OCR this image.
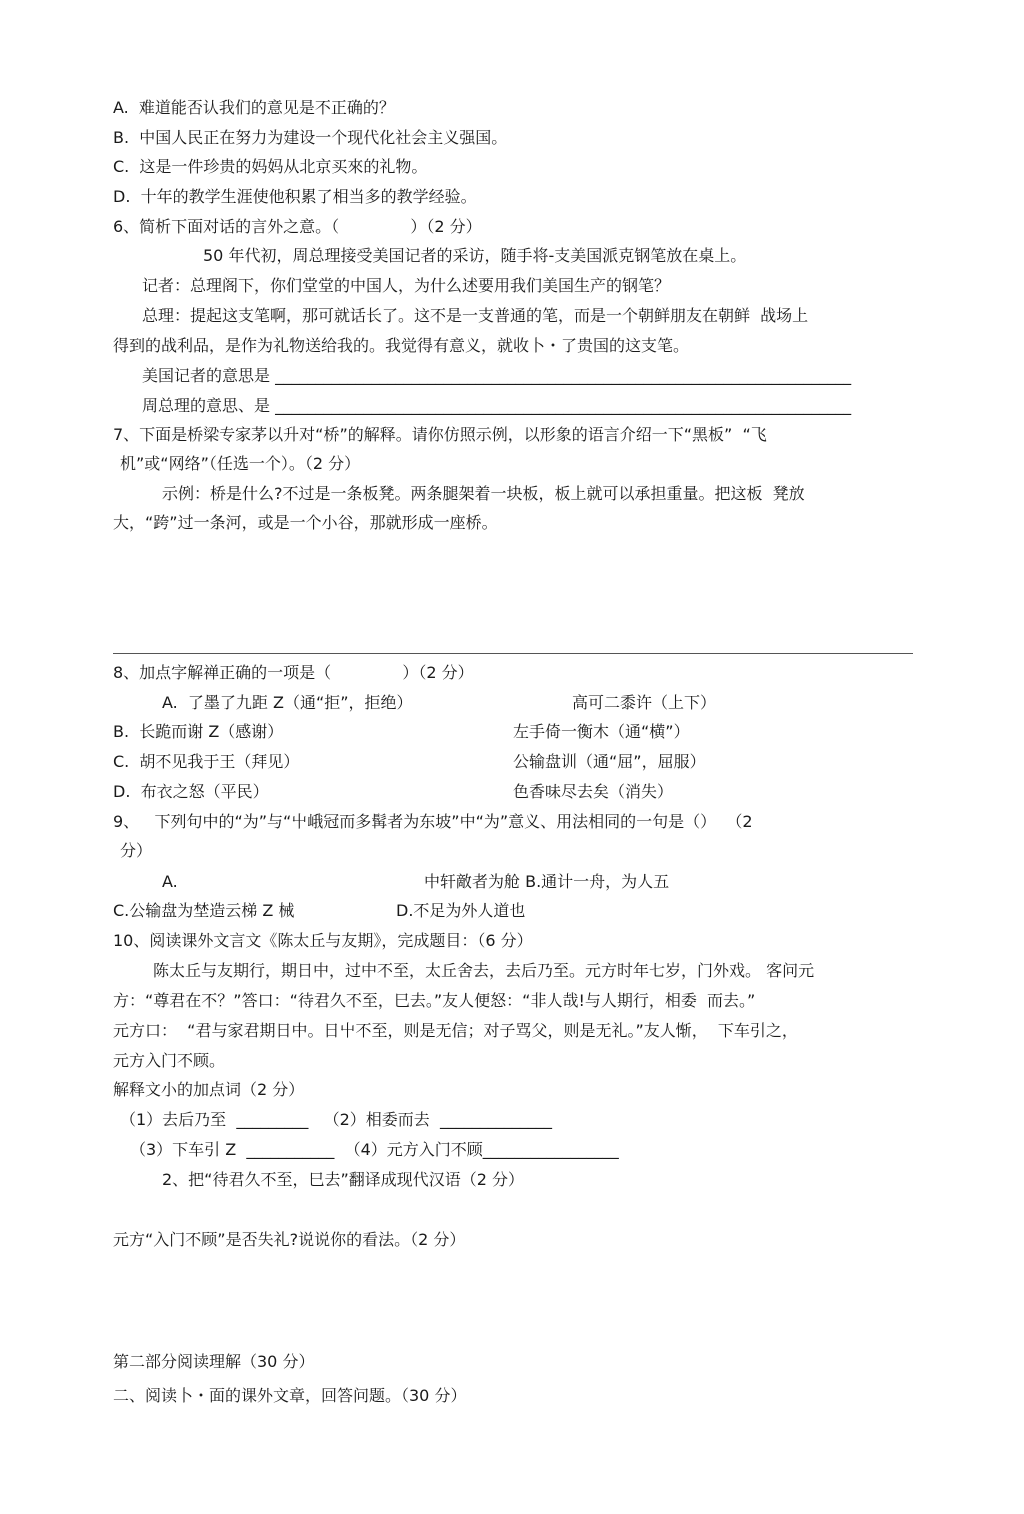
A.  难道能否认我们的意见是不正确的？
B.  中国人民正在努力为建设一个现代化社会主义强国。
C.  这是一件珍贵的妈妈从北京买來的礼物。
D.  十年的教学生涯使他积累了相当多的教学经验。
6、简析下面对话的言外之意。（              ）（2 分）
50 年代初，周总理接受美国记者的采访，随手将-支美国派克钢笔放在桌上。
记者：总理阁下，你们堂堂的中国人，为什么述要用我们美国生产的钢笔？
总理：提起这支笔啊，那可就话长了。这不是一支普通的笔，而是一个朝鲜朋友在朝鲜  战场上
得到的战利品，是作为礼物送给我的。我觉得有意义，就收卜・了贵国的这支笔。
美国记者的意思是 ________________________________________________________________________
周总理的意思、是 ________________________________________________________________________
7、下面是桥梁专家茅以升对“桥”的解释。请你仿照示例，以形象的语言介绍一下“黑板”  “飞
机”或“网络”（任选一个）。（2 分）
示例：桥是什么?不过是一条板凳。两条腿架着一块板，板上就可以承担重量。把这板  凳放
大，“跨”过一条河，或是一个小谷，那就形成一座桥。
8、加点字解禅正确的一项是（              ）（2 分）
A.  了墨了九距 Z（通“拒”，拒绝）	高可二黍许（上下）
B.  长跪而谢 Z（感谢）	左手倚一衡木（通“横”）
C.  胡不见我于王（拜见）	公输盘训（通“屈”，屈服）
D.  布衣之怒（平民）	色香味尽去矣（消失）
9、   下列句中的“为”与“屮峨冠而多髯者为东坡”中“为”意义、用法相同的一句是（）  （2
分）
A.	中轩敵者为舱 B.通计一舟，为人五
C.公输盘为埜造云梯 Z 械	D.不足为外人道也
10、阅读课外文言文《陈太丘与友期》，完成题目：（6 分）
陈太丘与友期行，期日中，过中不至，太丘舍去，去后乃至。元方时年七岁，门外戏。 客问元
方：“尊君在不？”答口：“待君久不至，巳去。”友人便怒：“非人哉!与人期行，相委  而去。”
元方口：  “君与家君期日中。日屮不至，则是无信；对子骂父，则是无礼。”友人惭，  下车引之，
元方入门不顾。
解释文小的加点词（2 分）
（1）去后乃至  _________   （2）相委而去  ______________
（3）下车引 Z  ___________  （4）元方入门不顾_________________
2、把“待君久不至，巳去”翻译成现代汉语（2 分）
元方“入门不顾”是否失礼?说说你的看法。（2 分）
第二部分阅读理解（30 分）
二、阅读卜・面的课外文章，回答问题。（30 分）
